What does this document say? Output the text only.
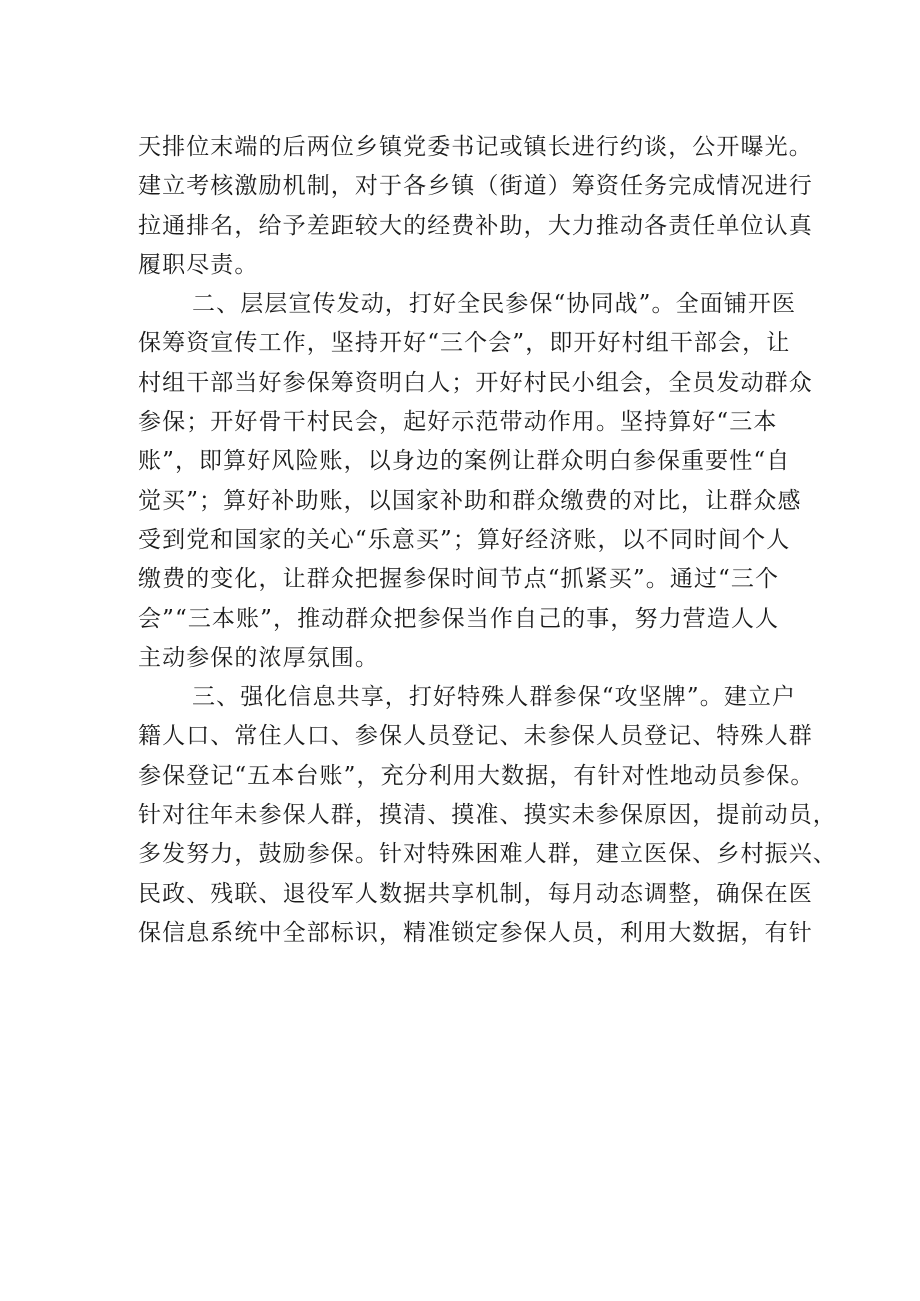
天排位末端的后两位乡镇党委书记或镇长进行约谈，公开曝光。
建立考核激励机制，对于各乡镇（街道）筹资任务完成情况进行
拉通排名，给予差距较大的经费补助，大力推动各责任单位认真
履职尽责。
二、层层宣传发动，打好全民参保“协同战”。全面铺开医
保筹资宣传工作，坚持开好“三个会”，即开好村组干部会，让
村组干部当好参保筹资明白人；开好村民小组会，全员发动群众
参保；开好骨干村民会，起好示范带动作用。坚持算好“三本
账”，即算好风险账，以身边的案例让群众明白参保重要性“自
觉买”；算好补助账，以国家补助和群众缴费的对比，让群众感
受到党和国家的关心“乐意买”；算好经济账，以不同时间个人
缴费的变化，让群众把握参保时间节点“抓紧买”。通过“三个
会”“三本账”，推动群众把参保当作自己的事，努力营造人人
主动参保的浓厚氛围。
三、强化信息共享，打好特殊人群参保“攻坚牌”。建立户
籍人口、常住人口、参保人员登记、未参保人员登记、特殊人群
参保登记“五本台账”，充分利用大数据，有针对性地动员参保。
针对往年未参保人群，摸清、摸准、摸实未参保原因，提前动员，
多发努力，鼓励参保。针对特殊困难人群，建立医保、乡村振兴、
民政、残联、退役军人数据共享机制，每月动态调整，确保在医
保信息系统中全部标识，精准锁定参保人员，利用大数据，有针
